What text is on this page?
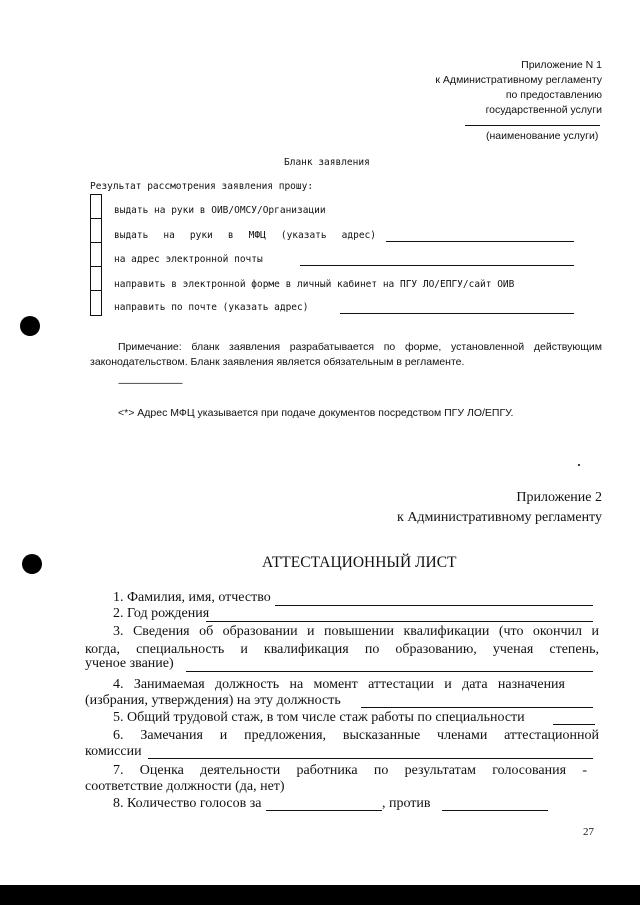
Приложение N 1
к Административному регламенту
по предоставлению
государственной услуги
(наименование услуги)
Бланк заявления
Результат рассмотрения заявления прошу:
выдать на руки в ОИВ/ОМСУ/Организации
выдать на руки в МФЦ (указать адрес)
на адрес электронной почты
направить в электронной форме в личный кабинет на ПГУ ЛО/ЕПГУ/сайт ОИВ
направить по почте (указать адрес)
Примечание: бланк заявления разрабатывается по форме, установленной действующим законодательством. Бланк заявления является обязательным в регламенте.
--------------------------------
<*> Адрес МФЦ указывается при подаче документов посредством ПГУ ЛО/ЕПГУ.
Приложение 2
к Административному регламенту
АТТЕСТАЦИОННЫЙ ЛИСТ
1. Фамилия, имя, отчество
2. Год рождения
3. Сведения об образовании и повышении квалификации (что окончил и
когда, специальность и квалификация по образованию, ученая степень,
ученое звание)
4. Занимаемая должность на момент аттестации и дата назначения
(избрания, утверждения) на эту должность
5. Общий трудовой стаж, в том числе стаж работы по специальности
6. Замечания и предложения, высказанные членами аттестационной
комиссии
7. Оценка деятельности работника по результатам голосования -
соответствие должности (да, нет)
8. Количество голосов за	, против
27
